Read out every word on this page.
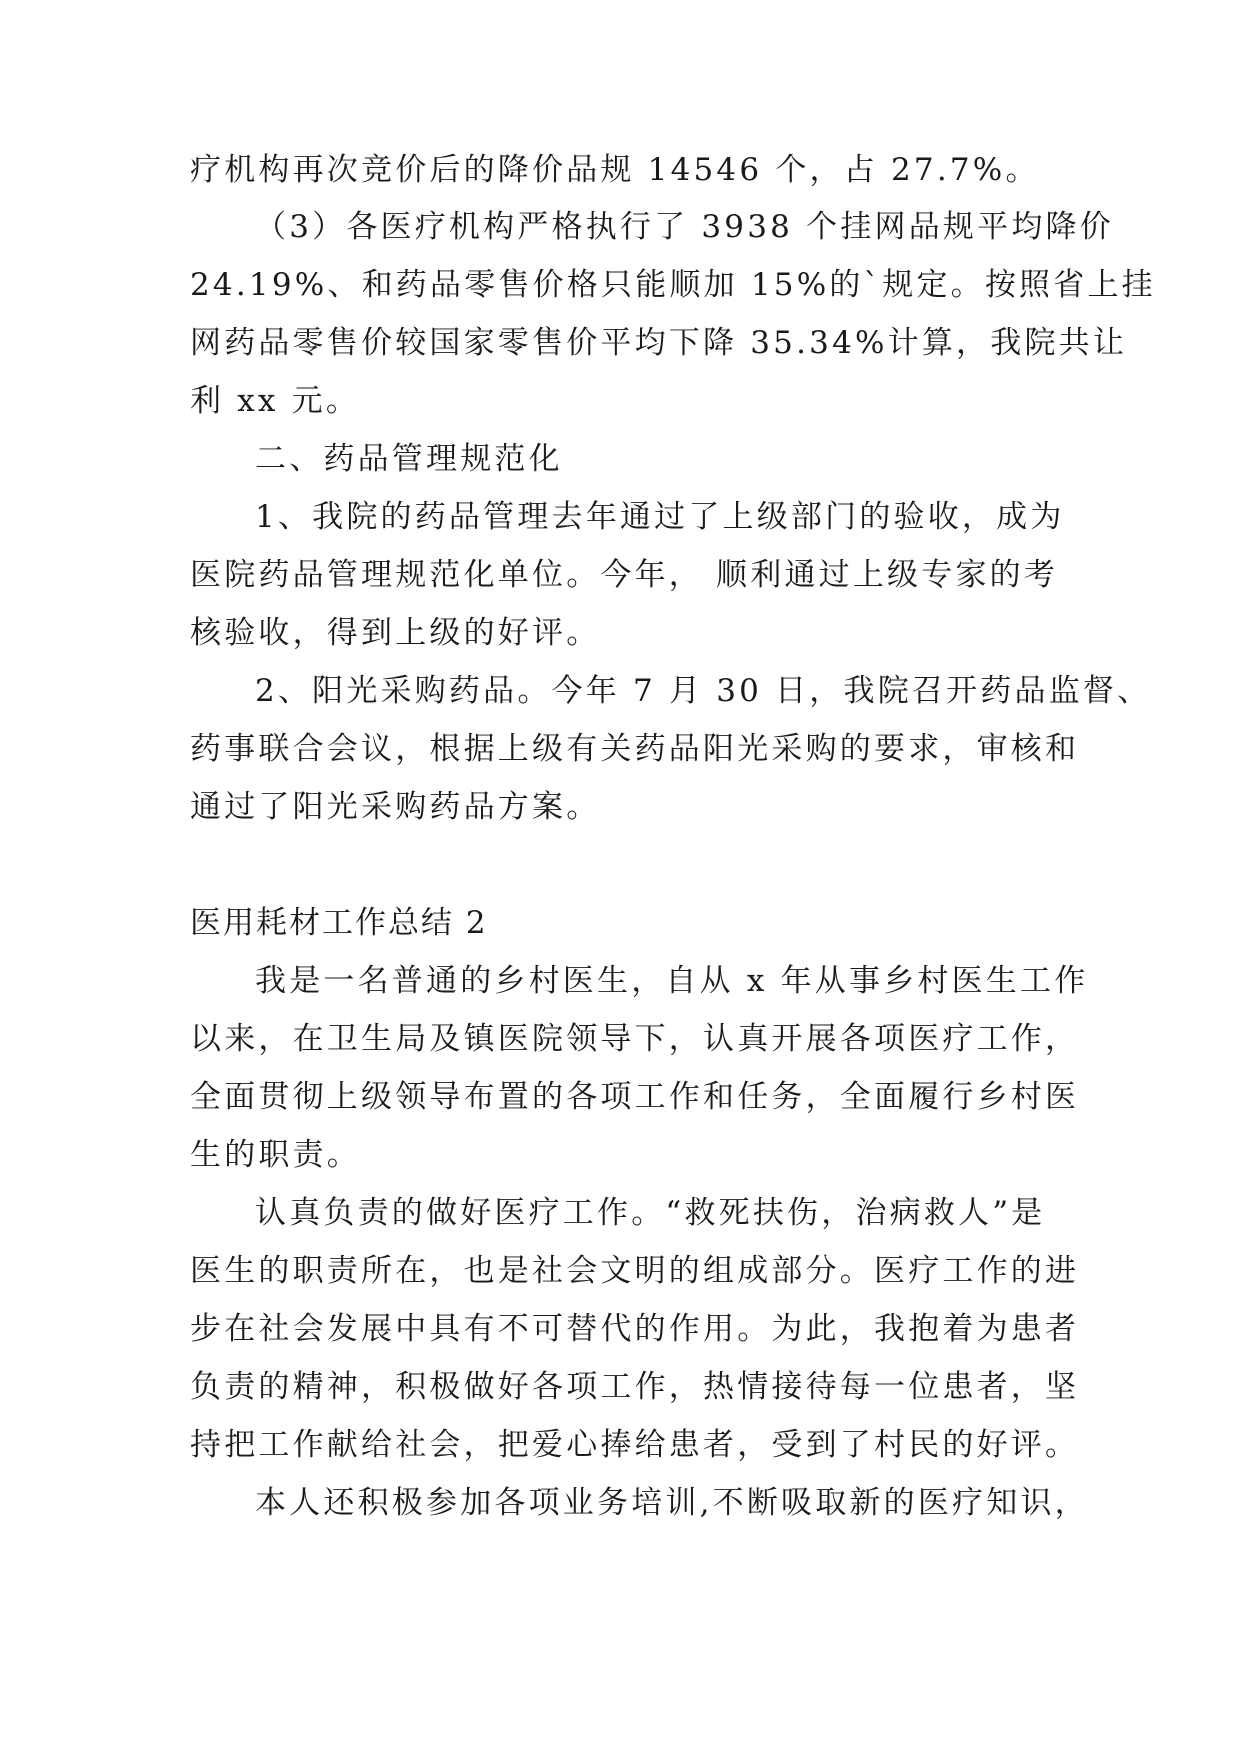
疗机构再次竞价后的降价品规 14546 个，占 27.7%。
（3）各医疗机构严格执行了 3938 个挂网品规平均降价
24.19%、和药品零售价格只能顺加 15%的`规定。按照省上挂
网药品零售价较国家零售价平均下降 35.34%计算，我院共让
利 xx 元。
二、药品管理规范化
1、我院的药品管理去年通过了上级部门的验收，成为
医院药品管理规范化单位。今年， 顺利通过上级专家的考
核验收，得到上级的好评。
2、阳光采购药品。今年 7 月 30 日，我院召开药品监督、
药事联合会议，根据上级有关药品阳光采购的要求，审核和
通过了阳光采购药品方案。
医用耗材工作总结 2
我是一名普通的乡村医生，自从 x 年从事乡村医生工作
以来，在卫生局及镇医院领导下，认真开展各项医疗工作，
全面贯彻上级领导布置的各项工作和任务，全面履行乡村医
生的职责。
认真负责的做好医疗工作。“救死扶伤，治病救人”是
医生的职责所在，也是社会文明的组成部分。医疗工作的进
步在社会发展中具有不可替代的作用。为此，我抱着为患者
负责的精神，积极做好各项工作，热情接待每一位患者，坚
持把工作献给社会，把爱心捧给患者，受到了村民的好评。
本人还积极参加各项业务培训,不断吸取新的医疗知识，
